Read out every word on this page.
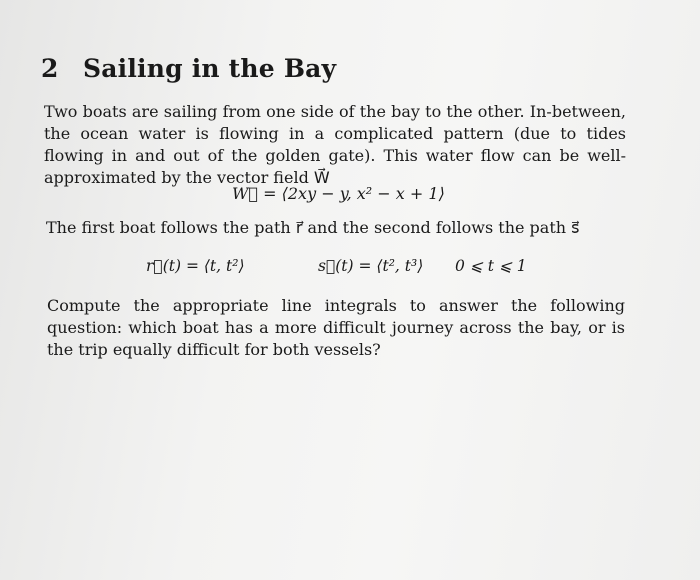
2 Sailing in the Bay

Two boats are sailing from one side of the bay to the other. In-between, the ocean water is flowing in a complicated pattern (due to tides flowing in and out of the golden gate). This water flow can be well-approximated by the vector field W⃗

W⃗ = ⟨2xy − y, x² − x + 1⟩
The first boat follows the path r⃗ and the second follows the path s⃗
r⃗(t) = ⟨t, t²⟩	s⃗(t) = ⟨t², t³⟩ 0 ⩽ t ⩽ 1

Compute the appropriate line integrals to answer the following question: which boat has a more difficult journey across the bay, or is the trip equally difficult for both vessels?
